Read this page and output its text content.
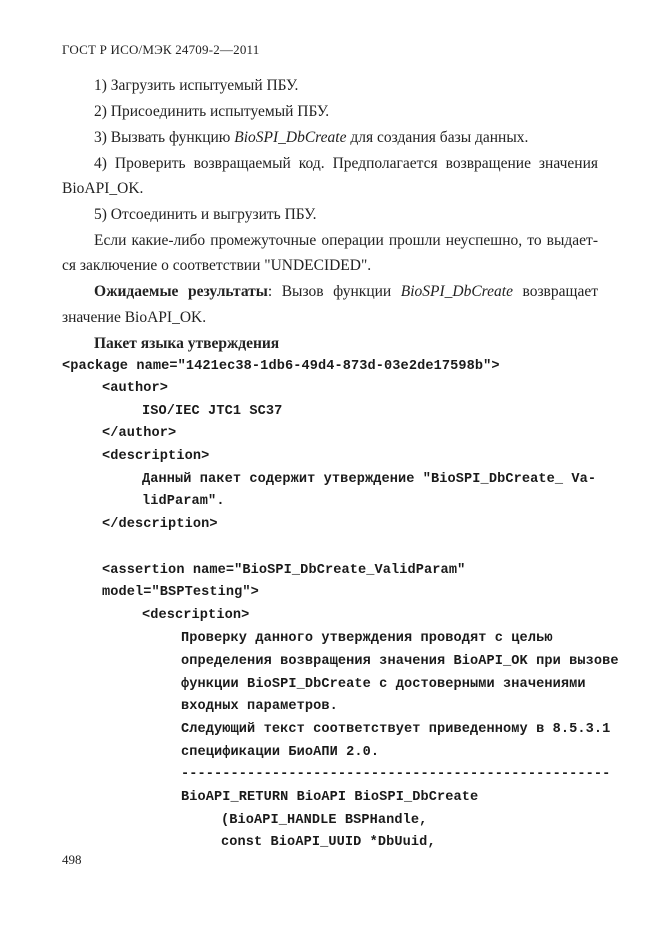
ГОСТ Р ИСО/МЭК 24709-2—2011
1) Загрузить испытуемый ПБУ.
2) Присоединить испытуемый ПБУ.
3) Вызвать функцию BioSPI_DbCreate для создания базы данных.
4) Проверить возвращаемый код. Предполагается возвращение значения
BioAPI_OK.
5) Отсоединить и выгрузить ПБУ.
Если какие-либо промежуточные операции прошли неуспешно, то выдает-
ся заключение о соответствии "UNDECIDED".
Ожидаемые результаты: Вызов функции BioSPI_DbCreate возвращает
значение BioAPI_OK.
Пакет языка утверждения
<package name="1421ec38-1db6-49d4-873d-03e2de17598b">
<author>
ISO/IEC JTC1 SC37
</author>
<description>
Данный пакет содержит утверждение "BioSPI_DbCreate_ Va-
lidParam".
</description>
<assertion name="BioSPI_DbCreate_ValidParam"
model="BSPTesting">
<description>
Проверку данного утверждения проводят с целью
определения возвращения значения BioAPI_OK при вызове
функции BioSPI_DbCreate с достоверными значениями
входных параметров.
Следующий текст соответствует приведенному в 8.5.3.1
спецификации БиоАПИ 2.0.
----------------------------------------------------
BioAPI_RETURN BioAPI BioSPI_DbCreate
(BioAPI_HANDLE BSPHandle,
const BioAPI_UUID *DbUuid,
498
